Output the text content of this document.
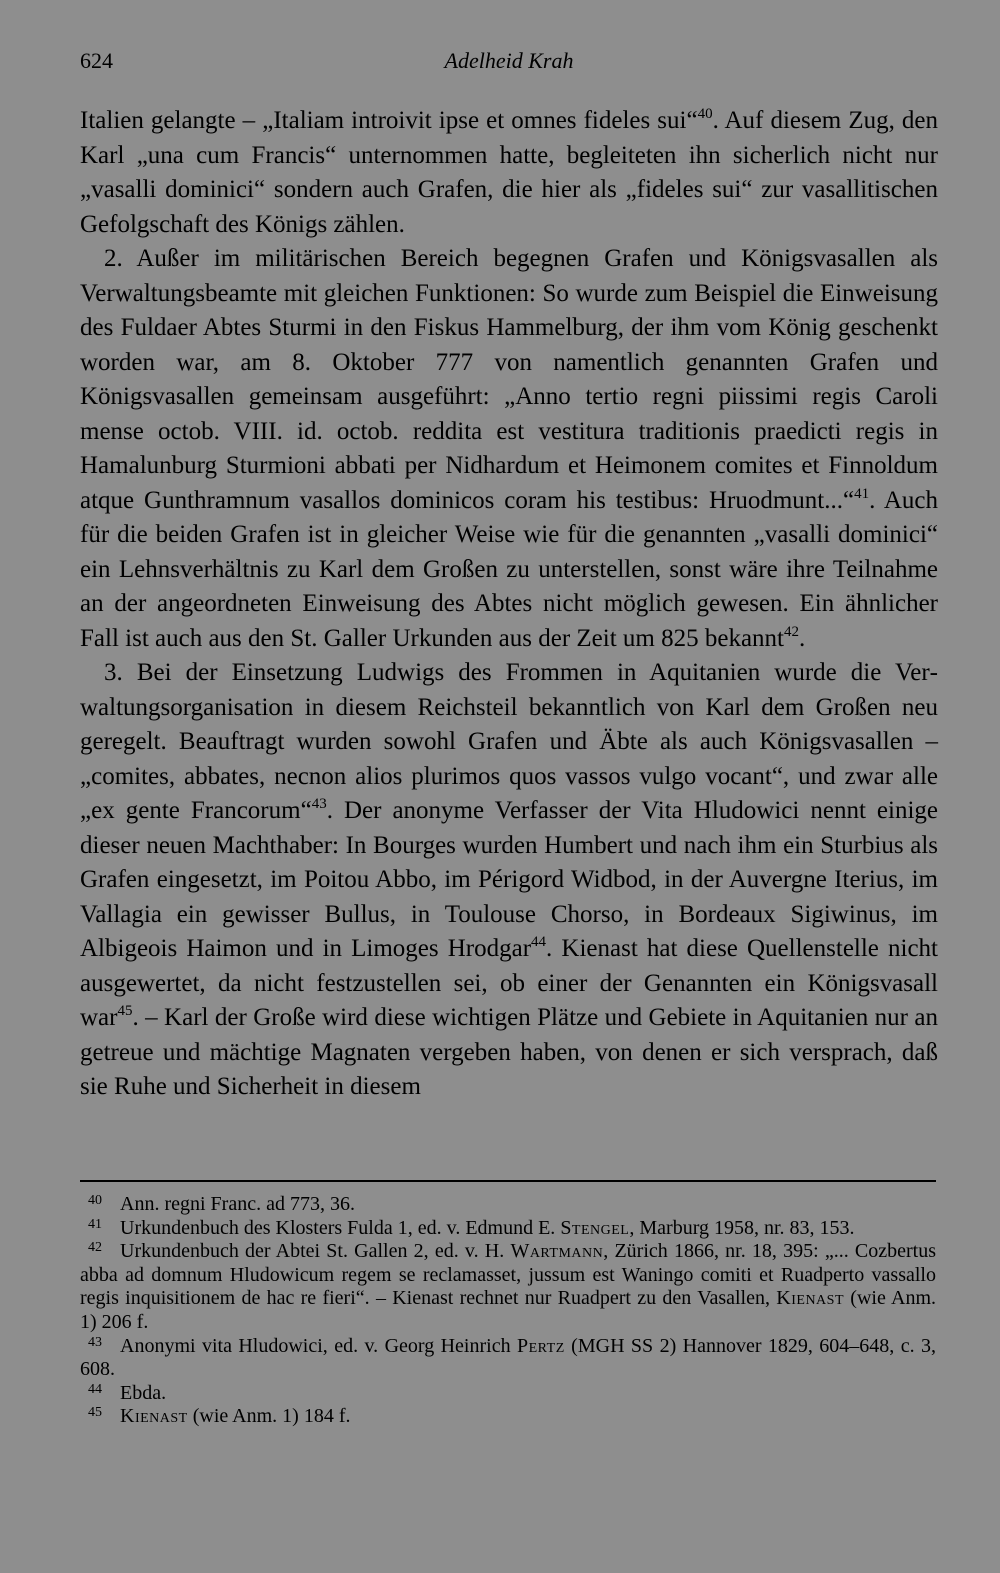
624	Adelheid Krah

Italien gelangte – „Italiam introivit ipse et omnes fideles sui“$^{40}$. Auf diesem Zug, den Karl „una cum Francis“ unternommen hatte, begleiteten ihn sicherlich nicht nur „vasalli dominici“ sondern auch Grafen, die hier als „fideles sui“ zur vasallitischen Gefolgschaft des Königs zählen.

2. Außer im militärischen Bereich begegnen Grafen und Königsvasallen als Verwaltungsbeamte mit gleichen Funktionen: So wurde zum Beispiel die Einweisung des Fuldaer Abtes Sturmi in den Fiskus Hammelburg, der ihm vom König geschenkt worden war, am 8. Oktober 777 von namentlich genannten Grafen und Königsvasallen gemeinsam ausgeführt: „Anno tertio regni piissimi regis Caroli mense octob. VIII. id. octob. reddita est vestitura traditionis praedicti regis in Hamalunburg Sturmioni abbati per Nidhardum et Heimonem comites et Finnoldum atque Gunthramnum vasallos dominicos coram his testibus: Hruodmunt...“$^{41}$. Auch für die beiden Grafen ist in gleicher Weise wie für die genannten „vasalli dominici“ ein Lehnsverhältnis zu Karl dem Großen zu unterstellen, sonst wäre ihre Teilnahme an der angeordneten Einweisung des Abtes nicht möglich gewesen. Ein ähnlicher Fall ist auch aus den St. Galler Urkunden aus der Zeit um 825 bekannt$^{42}$.

3. Bei der Einsetzung Ludwigs des Frommen in Aquitanien wurde die Verwaltungsorganisation in diesem Reichsteil bekanntlich von Karl dem Großen neu geregelt. Beauftragt wurden sowohl Grafen und Äbte als auch Königsvasallen – „comites, abbates, necnon alios plurimos quos vassos vulgo vocant“, und zwar alle „ex gente Francorum“$^{43}$. Der anonyme Verfasser der Vita Hludowici nennt einige dieser neuen Machthaber: In Bourges wurden Humbert und nach ihm ein Sturbius als Grafen eingesetzt, im Poitou Abbo, im Périgord Widbod, in der Auvergne Iterius, im Vallagia ein gewisser Bullus, in Toulouse Chorso, in Bordeaux Sigiwinus, im Albigeois Haimon und in Limoges Hrodgar$^{44}$. Kienast hat diese Quellenstelle nicht ausgewertet, da nicht festzustellen sei, ob einer der Genannten ein Königsvasall war$^{45}$. – Karl der Große wird diese wichtigen Plätze und Gebiete in Aquitanien nur an getreue und mächtige Magnaten vergeben haben, von denen er sich versprach, daß sie Ruhe und Sicherheit in diesem

40 Ann. regni Franc. ad 773, 36.

41 Urkundenbuch des Klosters Fulda 1, ed. v. Edmund E. Stengel, Marburg 1958, nr. 83, 153.

42 Urkundenbuch der Abtei St. Gallen 2, ed. v. H. Wartmann, Zürich 1866, nr. 18, 395: „... Cozbertus abba ad domnum Hludowicum regem se reclamasset, jussum est Waningo comiti et Ruadperto vassallo regis inquisitionem de hac re fieri“. – Kienast rechnet nur Ruadpert zu den Vasallen, Kienast (wie Anm. 1) 206 f.

43 Anonymi vita Hludowici, ed. v. Georg Heinrich Pertz (MGH SS 2) Hannover 1829, 604–648, c. 3, 608.

44 Ebda.

45 Kienast (wie Anm. 1) 184 f.
